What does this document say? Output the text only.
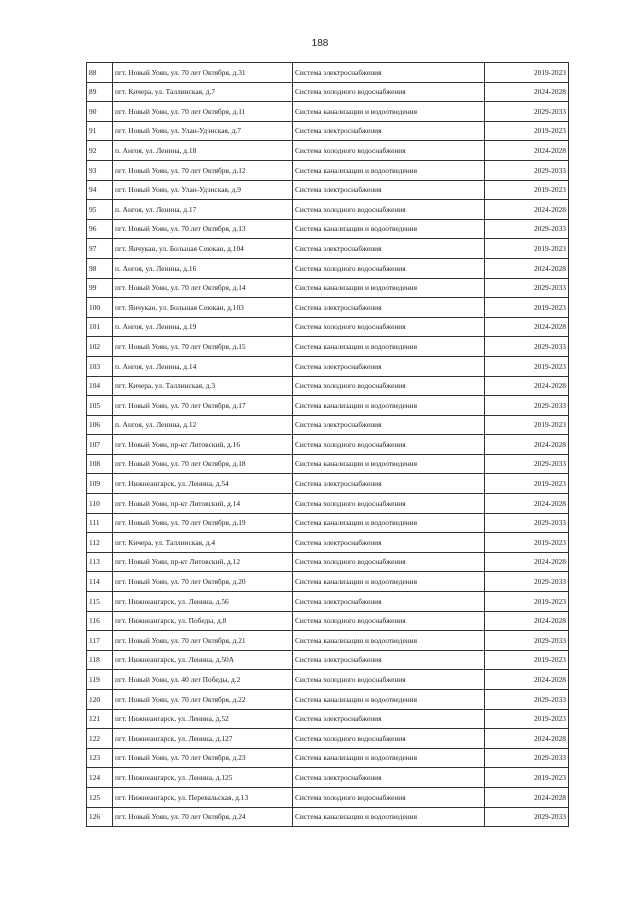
188
88	пгт. Новый Уоян, ул. 70 лет Октября, д.31	Система электроснабжения	2019-2023
89	пгт. Кичера, ул. Таллинская, д.7	Система холодного водоснабжения	2024-2028
90	пгт. Новый Уоян, ул. 70 лет Октября, д.11	Система канализации и водоотведения	2029-2033
91	пгт. Новый Уоян, ул. Улан-Удэнская, д.7	Система электроснабжения	2019-2023
92	п. Ангоя, ул. Ленина, д.18	Система холодного водоснабжения	2024-2028
93	пгт. Новый Уоян, ул. 70 лет Октября, д.12	Система канализации и водоотведения	2029-2033
94	пгт. Новый Уоян, ул. Улан-Удэнская, д.9	Система электроснабжения	2019-2023
95	п. Ангоя, ул. Ленина, д.17	Система холодного водоснабжения	2024-2028
96	пгт. Новый Уоян, ул. 70 лет Октября, д.13	Система канализации и водоотведения	2029-2033
97	пгт. Янчукан, ул. Большая Сеюкан, д.104	Система электроснабжения	2019-2023
98	п. Ангоя, ул. Ленина, д.16	Система холодного водоснабжения	2024-2028
99	пгт. Новый Уоян, ул. 70 лет Октября, д.14	Система канализации и водоотведения	2029-2033
100	пгт. Янчукан, ул. Большая Сеюкан, д.103	Система электроснабжения	2019-2023
101	п. Ангоя, ул. Ленина, д.19	Система холодного водоснабжения	2024-2028
102	пгт. Новый Уоян, ул. 70 лет Октября, д.15	Система канализации и водоотведения	2029-2033
103	п. Ангоя, ул. Ленина, д.14	Система электроснабжения	2019-2023
104	пгт. Кичера, ул. Таллинская, д.3	Система холодного водоснабжения	2024-2028
105	пгт. Новый Уоян, ул. 70 лет Октября, д.17	Система канализации и водоотведения	2029-2033
106	п. Ангоя, ул. Ленина, д.12	Система электроснабжения	2019-2023
107	пгт. Новый Уоян, пр-кт Литовский, д.16	Система холодного водоснабжения	2024-2028
108	пгт. Новый Уоян, ул. 70 лет Октября, д.18	Система канализации и водоотведения	2029-2033
109	пгт. Нижнеангарск, ул. Ленина, д.54	Система электроснабжения	2019-2023
110	пгт. Новый Уоян, пр-кт Литовский, д.14	Система холодного водоснабжения	2024-2028
111	пгт. Новый Уоян, ул. 70 лет Октября, д.19	Система канализации и водоотведения	2029-2033
112	пгт. Кичера, ул. Таллинская, д.4	Система электроснабжения	2019-2023
113	пгт. Новый Уоян, пр-кт Литовский, д.12	Система холодного водоснабжения	2024-2028
114	пгт. Новый Уоян, ул. 70 лет Октября, д.20	Система канализации и водоотведения	2029-2033
115	пгт. Нижнеангарск, ул. Ленина, д.56	Система электроснабжения	2019-2023
116	пгт. Нижнеангарск, ул. Победы, д.8	Система холодного водоснабжения	2024-2028
117	пгт. Новый Уоян, ул. 70 лет Октября, д.21	Система канализации и водоотведения	2029-2033
118	пгт. Нижнеангарск, ул. Ленина, д.50А	Система электроснабжения	2019-2023
119	пгт. Новый Уоян, ул. 40 лет Победы, д.2	Система холодного водоснабжения	2024-2028
120	пгт. Новый Уоян, ул. 70 лет Октября, д.22	Система канализации и водоотведения	2029-2033
121	пгт. Нижнеангарск, ул. Ленина, д.52	Система электроснабжения	2019-2023
122	пгт. Нижнеангарск, ул. Ленина, д.127	Система холодного водоснабжения	2024-2028
123	пгт. Новый Уоян, ул. 70 лет Октября, д.23	Система канализации и водоотведения	2029-2033
124	пгт. Нижнеангарск, ул. Ленина, д.125	Система электроснабжения	2019-2023
125	пгт. Нижнеангарск, ул. Перевальская, д.13	Система холодного водоснабжения	2024-2028
126	пгт. Новый Уоян, ул. 70 лет Октября, д.24	Система канализации и водоотведения	2029-2033
